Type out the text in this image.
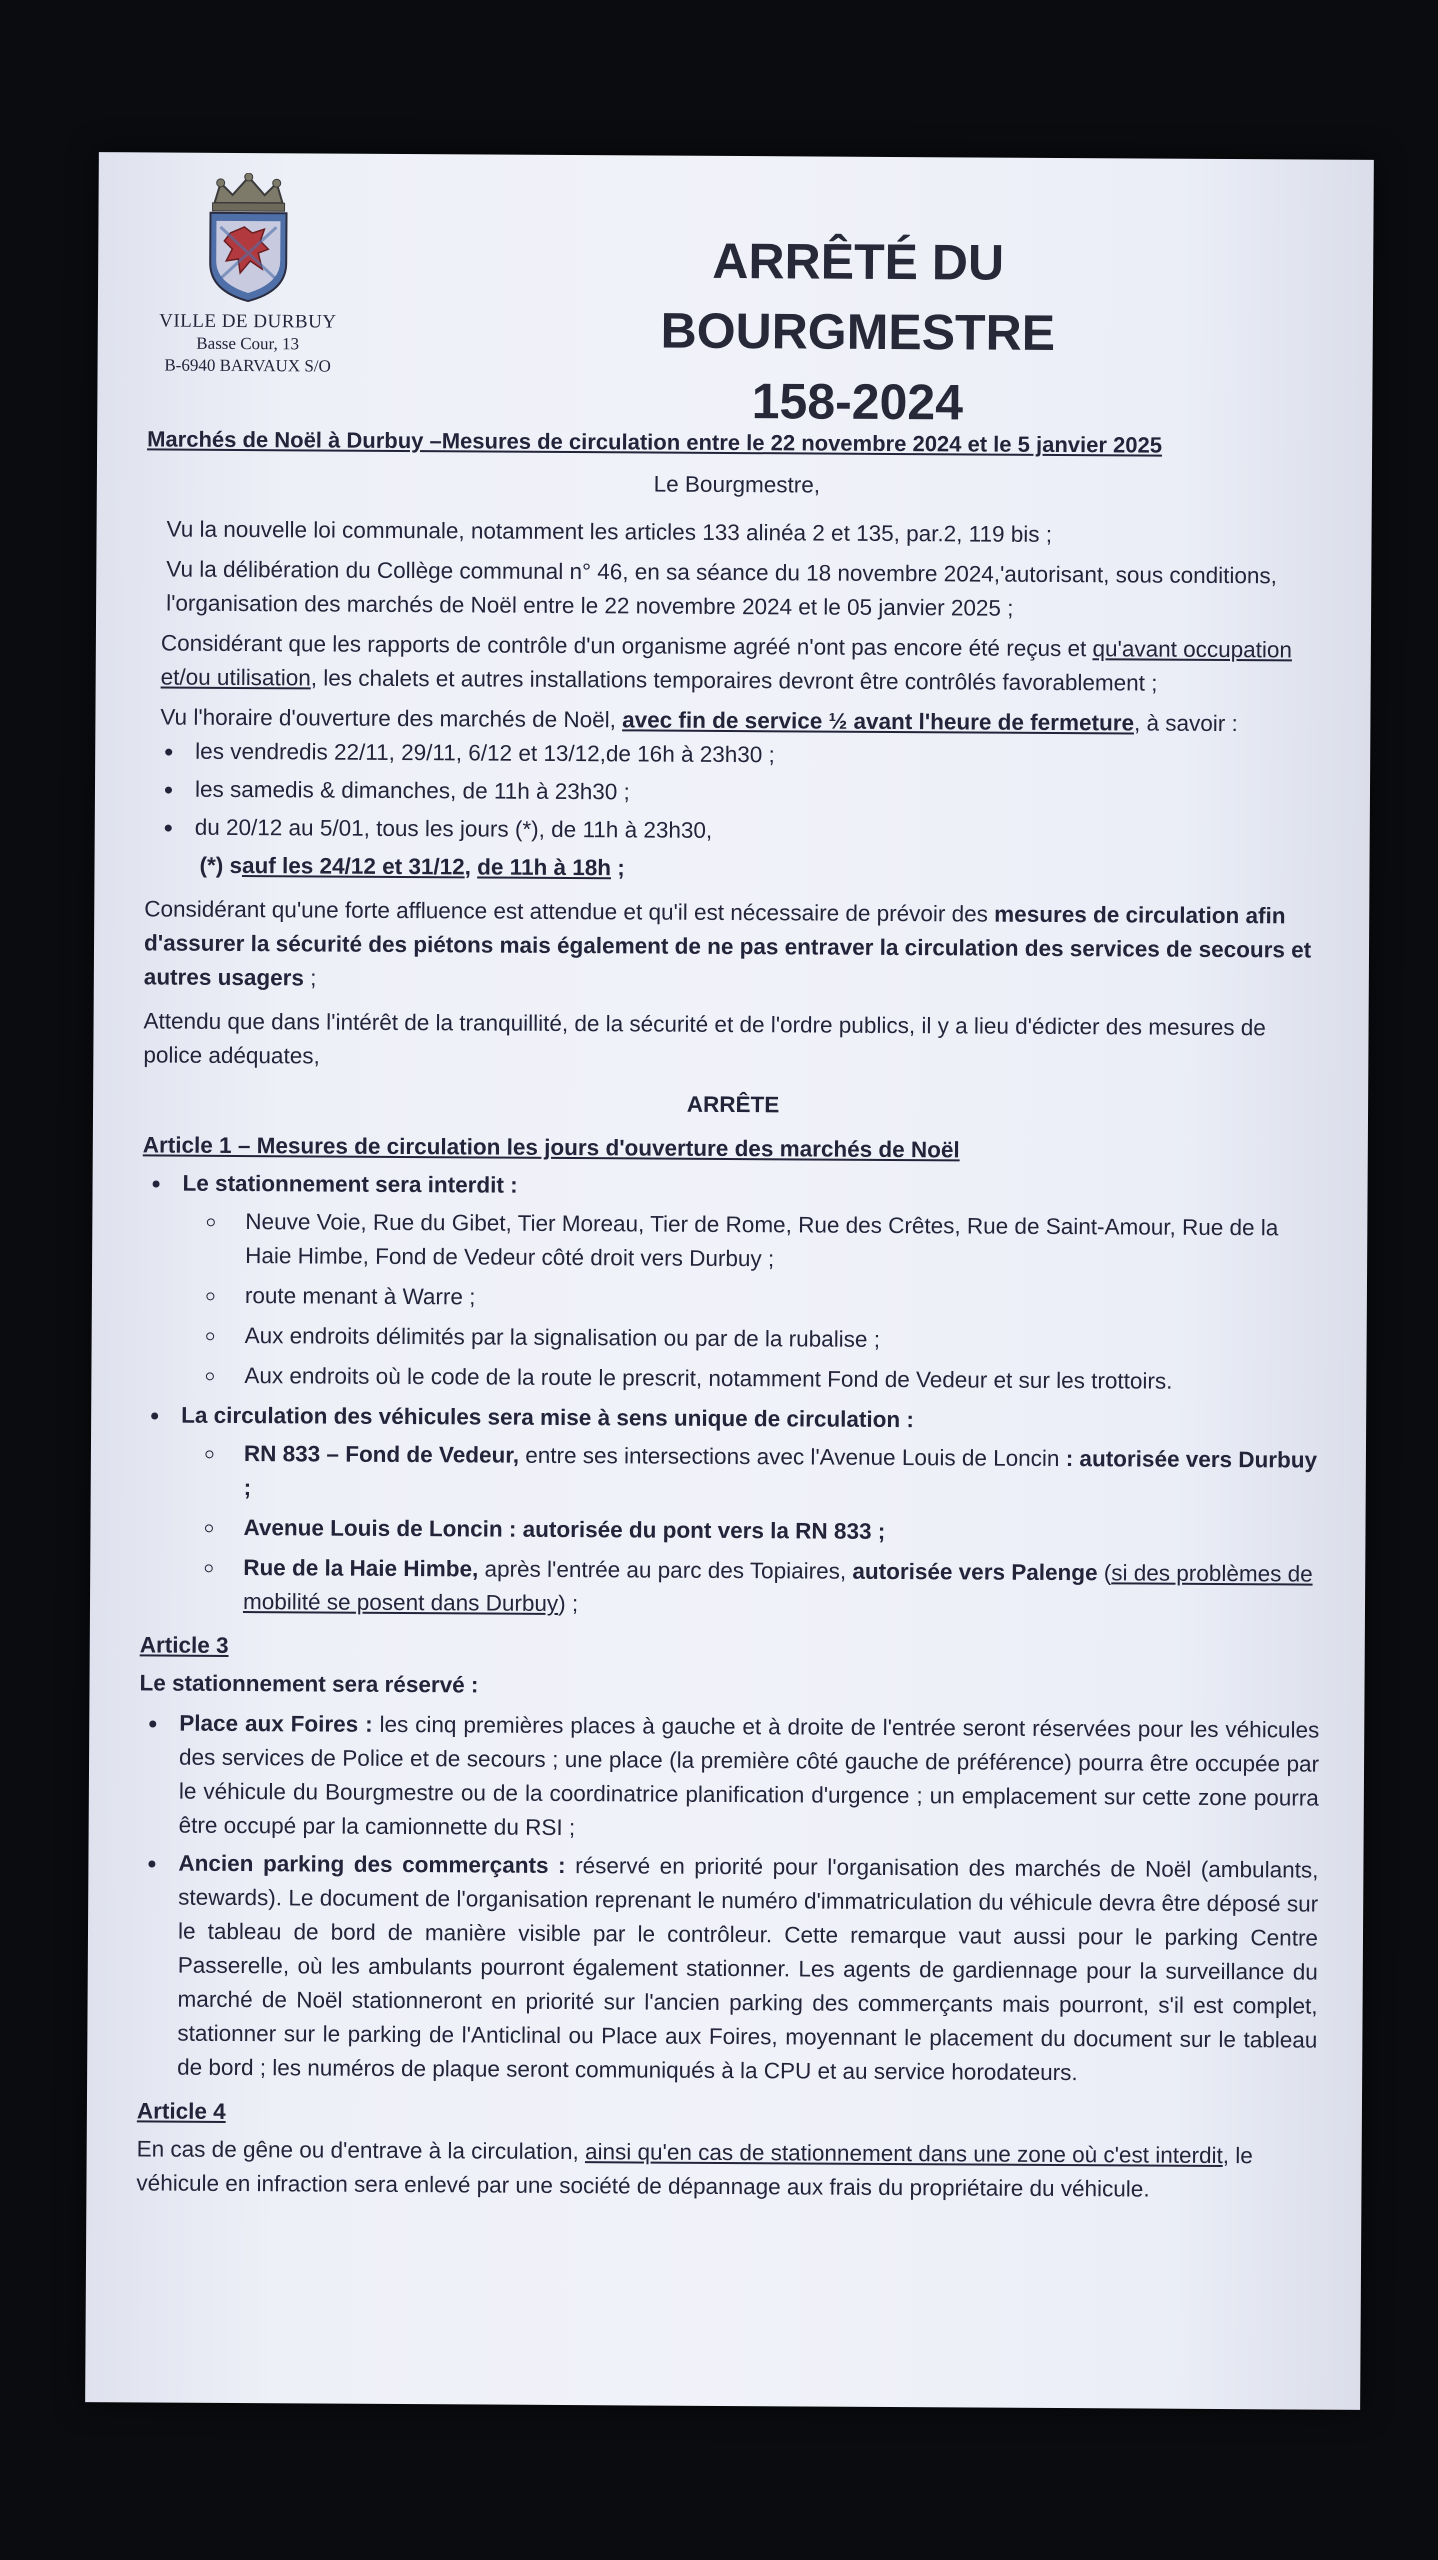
VILLE DE DURBUY
Basse Cour, 13
B-6940 BARVAUX S/O
ARRÊTÉ DU BOURGMESTRE
158-2024

Marchés de Noël à Durbuy –Mesures de circulation entre le 22 novembre 2024 et le 5 janvier 2025

Le Bourgmestre,

Vu la nouvelle loi communale, notamment les articles 133 alinéa 2 et 135, par.2, 119 bis ;

Vu la délibération du Collège communal n° 46, en sa séance du 18 novembre 2024,'autorisant, sous conditions, l'organisation des marchés de Noël entre le 22 novembre 2024 et le 05 janvier 2025 ;

Considérant que les rapports de contrôle d'un organisme agréé n'ont pas encore été reçus et qu'avant occupation et/ou utilisation, les chalets et autres installations temporaires devront être contrôlés favorablement ;

Vu l'horaire d'ouverture des marchés de Noël, avec fin de service ½ avant l'heure de fermeture, à savoir :

• les vendredis 22/11, 29/11, 6/12 et 13/12,de 16h à 23h30 ;
• les samedis & dimanches, de 11h à 23h30 ;
• du 20/12 au 5/01, tous les jours (*), de 11h à 23h30,

(*) sauf les 24/12 et 31/12, de 11h à 18h ;

Considérant qu'une forte affluence est attendue et qu'il est nécessaire de prévoir des mesures de circulation afin d'assurer la sécurité des piétons mais également de ne pas entraver la circulation des services de secours et autres usagers ;

Attendu que dans l'intérêt de la tranquillité, de la sécurité et de l'ordre publics, il y a lieu d'édicter des mesures de police adéquates,

ARRÊTE
Article 1 – Mesures de circulation les jours d'ouverture des marchés de Noël
• Le stationnement sera interdit :
◦ Neuve Voie, Rue du Gibet, Tier Moreau, Tier de Rome, Rue des Crêtes, Rue de Saint-Amour, Rue de la Haie Himbe, Fond de Vedeur côté droit vers Durbuy ;
◦ route menant à Warre ;
◦ Aux endroits délimités par la signalisation ou par de la rubalise ;
◦ Aux endroits où le code de la route le prescrit, notamment Fond de Vedeur et sur les trottoirs.
• La circulation des véhicules sera mise à sens unique de circulation :
◦ RN 833 – Fond de Vedeur, entre ses intersections avec l'Avenue Louis de Loncin : autorisée vers Durbuy ;
◦ Avenue Louis de Loncin : autorisée du pont vers la RN 833 ;
◦ Rue de la Haie Himbe, après l'entrée au parc des Topiaires, autorisée vers Palenge (si des problèmes de mobilité se posent dans Durbuy) ;
Article 3

Le stationnement sera réservé :

• Place aux Foires : les cinq premières places à gauche et à droite de l'entrée seront réservées pour les véhicules des services de Police et de secours ; une place (la première côté gauche de préférence) pourra être occupée par le véhicule du Bourgmestre ou de la coordinatrice planification d'urgence ; un emplacement sur cette zone pourra être occupé par la camionnette du RSI ;
• Ancien parking des commerçants : réservé en priorité pour l'organisation des marchés de Noël (ambulants, stewards). Le document de l'organisation reprenant le numéro d'immatriculation du véhicule devra être déposé sur le tableau de bord de manière visible par le contrôleur. Cette remarque vaut aussi pour le parking Centre Passerelle, où les ambulants pourront également stationner. Les agents de gardiennage pour la surveillance du marché de Noël stationneront en priorité sur l'ancien parking des commerçants mais pourront, s'il est complet, stationner sur le parking de l'Anticlinal ou Place aux Foires, moyennant le placement du document sur le tableau de bord ; les numéros de plaque seront communiqués à la CPU et au service horodateurs.
Article 4

En cas de gêne ou d'entrave à la circulation, ainsi qu'en cas de stationnement dans une zone où c'est interdit, le véhicule en infraction sera enlevé par une société de dépannage aux frais du propriétaire du véhicule.
